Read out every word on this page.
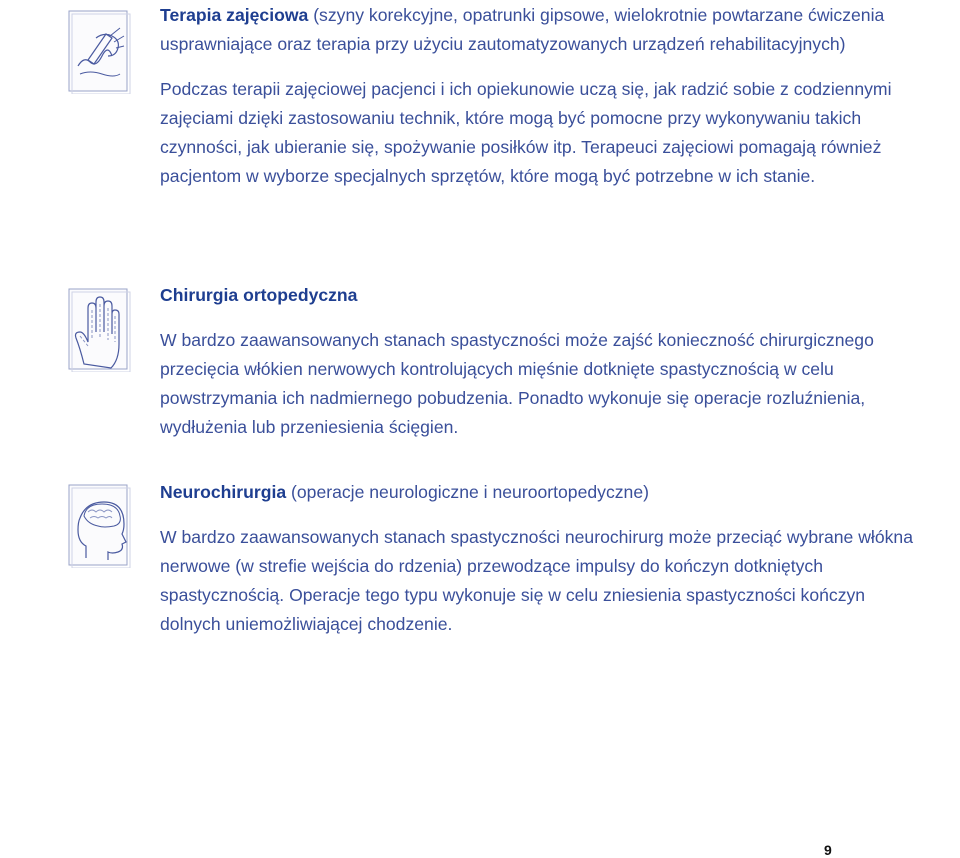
Terapia zajęciowa (szyny korekcyjne, opatrunki gipsowe, wielokrotnie powtarzane ćwiczenia usprawniające oraz terapia przy użyciu zautomatyzowanych urządzeń rehabilitacyjnych)

Podczas terapii zajęciowej pacjenci i ich opiekunowie uczą się, jak radzić sobie z codziennymi zajęciami dzięki zastosowaniu technik, które mogą być pomocne przy wykonywaniu takich czynności, jak ubieranie się, spożywanie posiłków itp. Terapeuci zajęciowi pomagają również pacjentom w wyborze specjalnych sprzętów, które mogą być potrzebne w ich stanie.

Chirurgia ortopedyczna

W bardzo zaawansowanych stanach spastyczności może zajść konieczność chirurgicznego przecięcia włókien nerwowych kontrolujących mięśnie dotknięte spastycznością w celu powstrzymania ich nadmiernego pobudzenia. Ponadto wykonuje się operacje rozluźnienia, wydłużenia lub przeniesienia ścięgien.

Neurochirurgia (operacje neurologiczne i neuroortopedyczne)

W bardzo zaawansowanych stanach spastyczności neurochirurg może przeciąć wybrane włókna nerwowe (w strefie wejścia do rdzenia) przewodzące impulsy do kończyn dotkniętych spastycznością. Operacje tego typu wykonuje się w celu zniesienia spastyczności kończyn dolnych uniemożliwiającej chodzenie.

9
